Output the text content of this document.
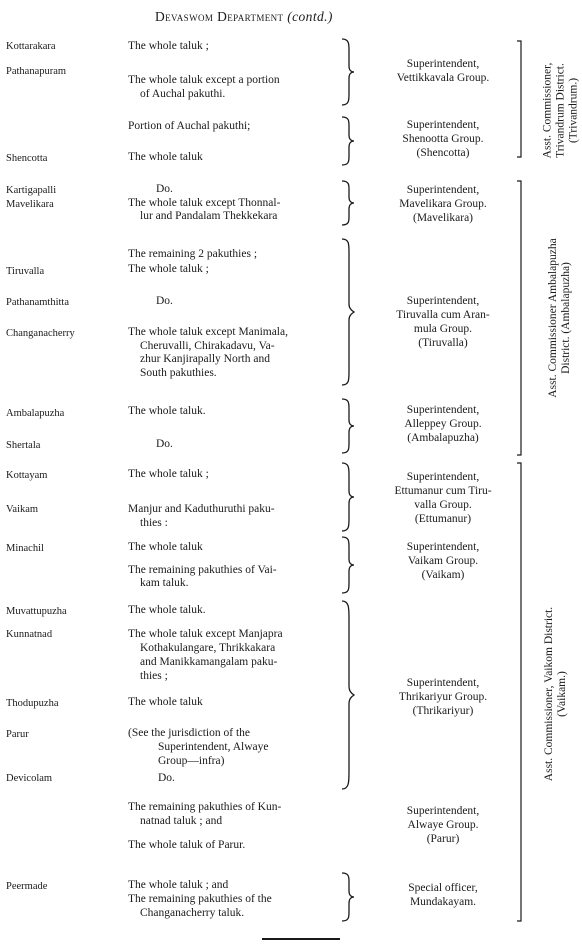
Devaswom Department (contd.)
Kottarakara
Pathanapuram
Shencotta
Kartigapalli
Mavelikara
Tiruvalla
Pathanamthitta
Changanacherry
Ambalapuzha
Shertala
Kottayam
Vaikam
Minachil
Muvattupuzha
Kunnatnad
Thodupuzha
Parur
Devicolam
Peermade
The whole taluk ;
The whole taluk except a portion
of Auchal pakuthi.
Portion of Auchal pakuthi;
The whole taluk
Do.
The whole taluk except Thonnal-
lur and Pandalam Thekkekara
The remaining 2 pakuthies ;
The whole taluk ;
Do.
The whole taluk except Manimala,
Cheruvalli, Chirakadavu, Va-
zhur Kanjirapally North and
South pakuthies.
The whole taluk.
Do.
The whole taluk ;
Manjur and Kaduthuruthi paku-
thies :
The whole taluk
The remaining pakuthies of Vai-
kam taluk.
The whole taluk.
The whole taluk except Manjapra
Kothakulangare, Thrikkakara
and Manikkamangalam paku-
thies ;
The whole taluk
(See the jurisdiction of the
Superintendent, Alwaye
Group—infra)
Do.
The remaining pakuthies of Kun-
natnad taluk ; and
The whole taluk of Parur.
The whole taluk ; and
The remaining pakuthies of the
Changanacherry taluk.
Superintendent,
Vettikkavala Group.
Superintendent,
Shenootta Group.
(Shencotta)
Superintendent,
Mavelikara Group.
(Mavelikara)
Superintendent,
Tiruvalla cum Aran-
mula Group.
(Tiruvalla)
Superintendent,
Alleppey Group.
(Ambalapuzha)
Superintendent,
Ettumanur cum Tiru-
valla Group.
(Ettumanur)
Superintendent,
Vaikam Group.
(Vaikam)
Superintendent,
Thrikariyur Group.
(Thrikariyur)
Superintendent,
Alwaye Group.
(Parur)
Special officer,
Mundakayam.
Asst. Commissioner, Trivandrum District. (Trivandrum.)
Asst. Commissioner Ambalapuzha District. (Ambalapuzha)
Asst. Commissioner, Vaikom District. (Vaikam.)
